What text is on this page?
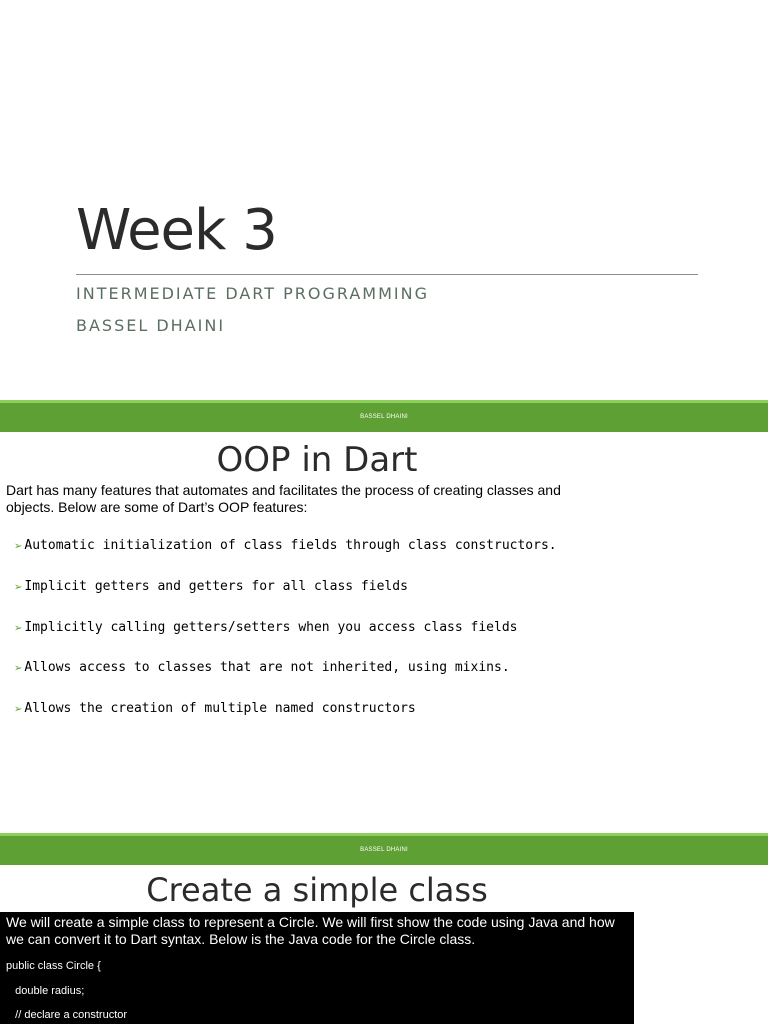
Week 3
INTERMEDIATE DART PROGRAMMING
BASSEL DHAINI
BASSEL DHAINI
OOP in Dart
Dart has many features that automates and facilitates the process of creating classes and objects. Below are some of Dart’s OOP features:
➢ Automatic initialization of class fields through class constructors.
➢ Implicit getters and getters for all class fields
➢ Implicitly calling getters/setters when you access class fields
➢ Allows access to classes that are not inherited, using mixins.
➢ Allows the creation of multiple named constructors
BASSEL DHAINI
Create a simple class
We will create a simple class to represent a Circle. We will first show the code using Java and how we can convert it to Dart syntax. Below is the Java code for the Circle class.
public class Circle {
double radius;
// declare a constructor
